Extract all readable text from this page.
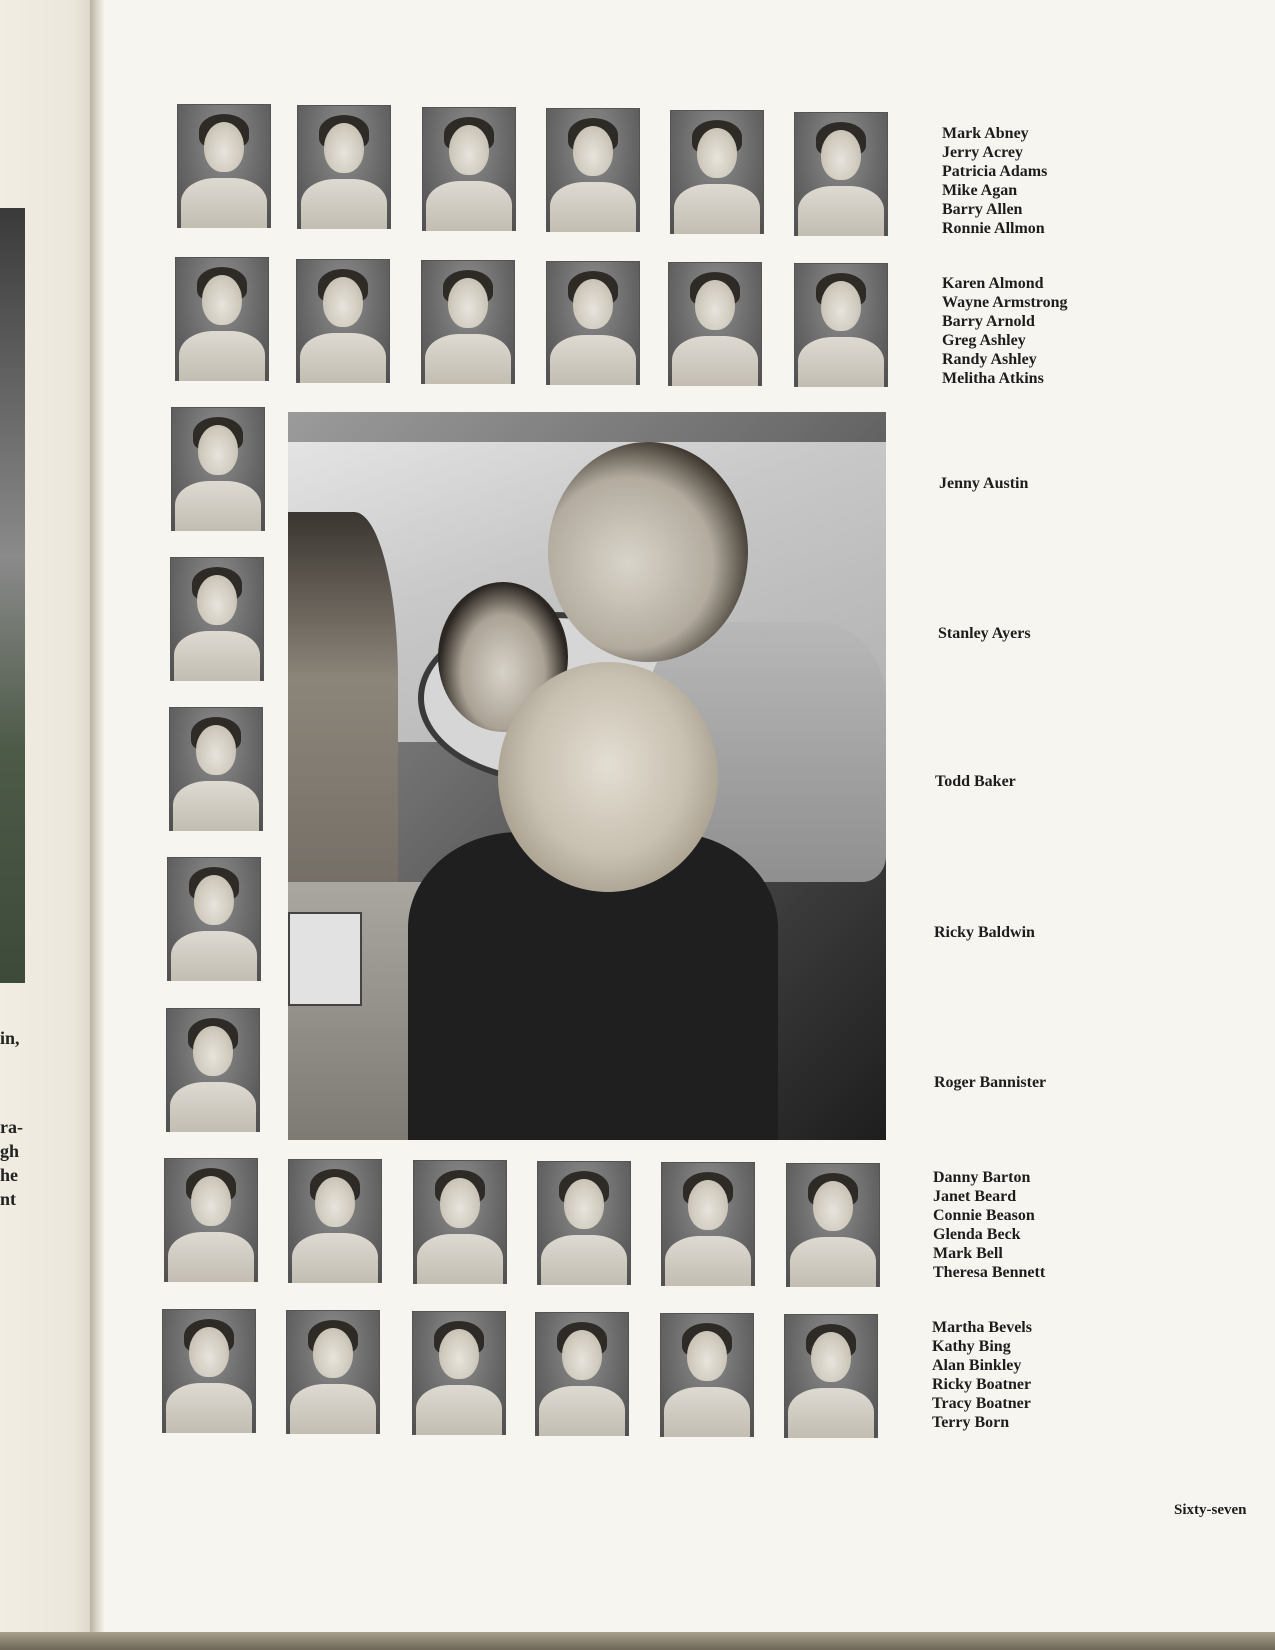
in,
ra-
gh
he
nt
Mark Abney
Jerry Acrey
Patricia Adams
Mike Agan
Barry Allen
Ronnie Allmon
Karen Almond
Wayne Armstrong
Barry Arnold
Greg Ashley
Randy Ashley
Melitha Atkins
Jenny Austin
Stanley Ayers
Todd Baker
Ricky Baldwin
Roger Bannister
Danny Barton
Janet Beard
Connie Beason
Glenda Beck
Mark Bell
Theresa Bennett
Martha Bevels
Kathy Bing
Alan Binkley
Ricky Boatner
Tracy Boatner
Terry Born
Sixty-seven
